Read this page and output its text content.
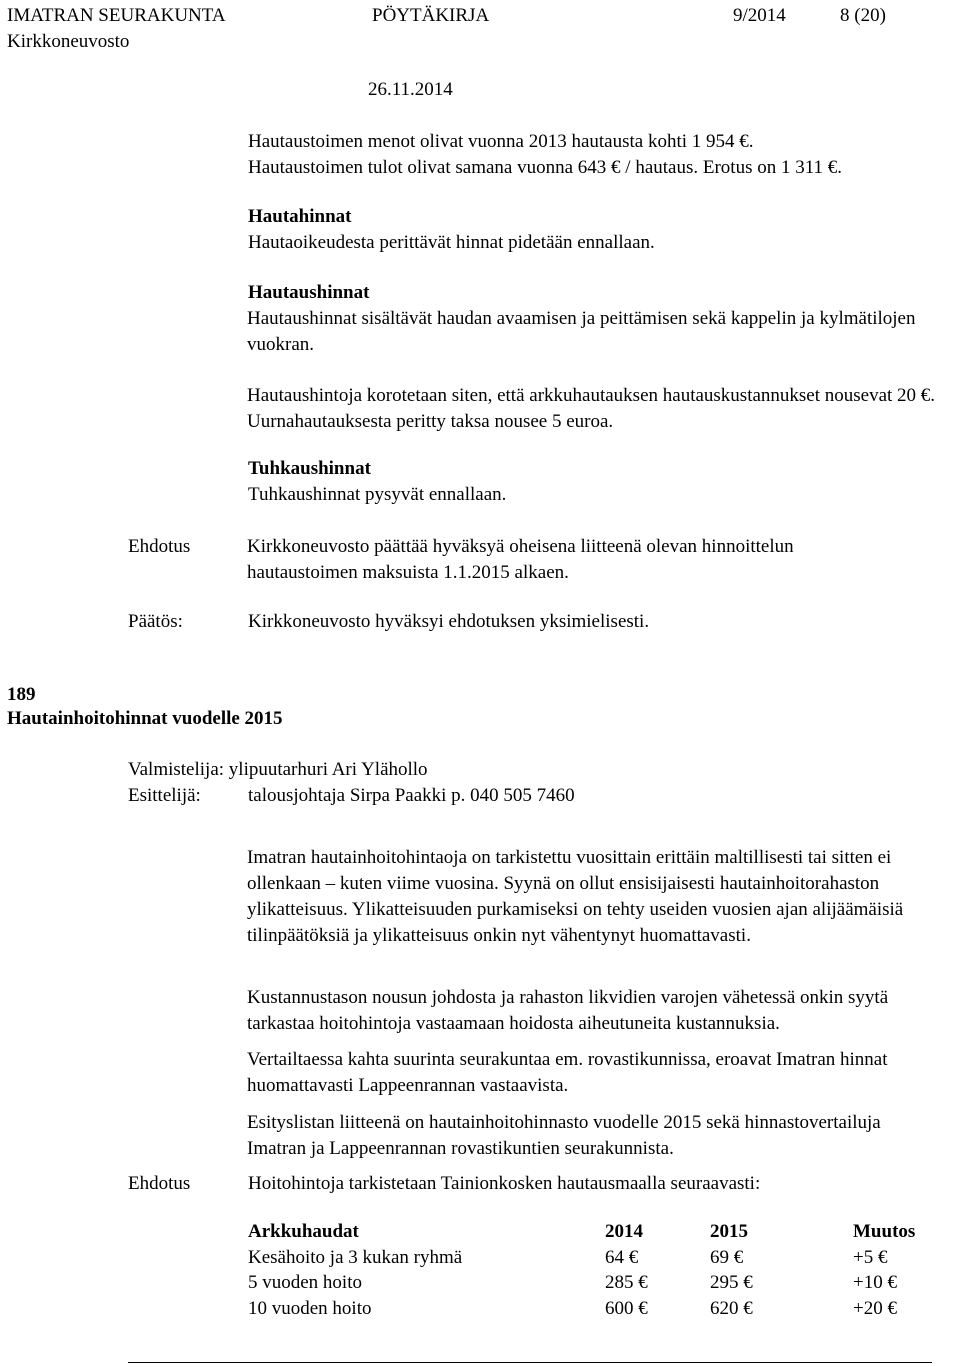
IMATRAN SEURAKUNTA	PÖYTÄKIRJA	9/2014	8 (20)
Kirkkoneuvosto
26.11.2014
Hautaustoimen menot olivat vuonna 2013 hautausta kohti 1 954 €.
Hautaustoimen tulot olivat samana vuonna 643 € / hautaus. Erotus on 1 311 €.
Hautahinnat
Hautaoikeudesta perittävät hinnat pidetään ennallaan.
Hautaushinnat
Hautaushinnat sisältävät haudan avaamisen ja peittämisen sekä kappelin ja kylmätilojen vuokran.
Hautaushintoja korotetaan siten, että arkkuhautauksen hautauskustannukset nousevat 20 €. Uurnahautauksesta peritty taksa nousee 5 euroa.
Tuhkaushinnat
Tuhkaushinnat pysyvät ennallaan.
Ehdotus	Kirkkoneuvosto päättää hyväksyä oheisena liitteenä olevan hinnoittelun hautaustoimen maksuista 1.1.2015 alkaen.
Päätös:	Kirkkoneuvosto hyväksyi ehdotuksen yksimielisesti.
189
Hautainhoitohinnat vuodelle 2015
Valmistelija: ylipuutarhuri Ari Ylähollo
Esittelijä: talousjohtaja Sirpa Paakki p. 040 505 7460
Imatran hautainhoitohintaoja on tarkistettu vuosittain erittäin maltillisesti tai sitten ei ollenkaan – kuten viime vuosina. Syynä on ollut ensisijaisesti hautainhoitorahaston ylikatteisuus. Ylikatteisuuden purkamiseksi on tehty useiden vuosien ajan alijäämäisiä tilinpäätöksiä ja ylikatteisuus onkin nyt vähentynyt huomattavasti.
Kustannustason nousun johdosta ja rahaston likvidien varojen vähetessä onkin syytä tarkastaa hoitohintoja vastaamaan hoidosta aiheutuneita kustannuksia.
Vertailtaessa kahta suurinta seurakuntaa em. rovastikunnissa, eroavat Imatran hinnat huomattavasti Lappeenrannan vastaavista.
Esityslistan liitteenä on hautainhoitohinnasto vuodelle 2015 sekä hinnastovertailuja Imatran ja Lappeenrannan rovastikuntien seurakunnista.
Ehdotus	Hoitohintoja tarkistetaan Tainionkosken hautausmaalla seuraavasti:
Arkkuhaudat	2014	2015	Muutos
Kesähoito ja 3 kukan ryhmä	64 €	69 €	+5 €
5 vuoden hoito	285 €	295 €	+10 €
10 vuoden hoito	600 €	620 €	+20 €
